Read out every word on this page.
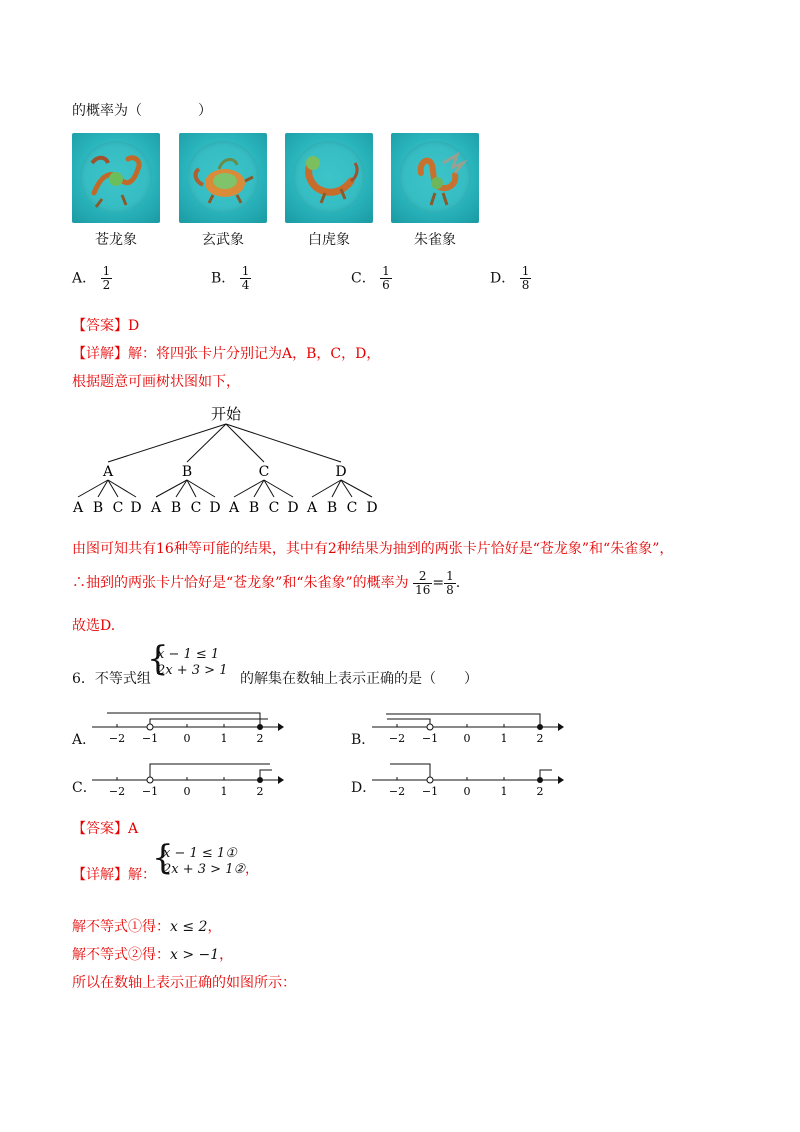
的概率为（　　　　）
苍龙象	玄武象	白虎象	朱雀象
A． $\frac{1}{2}$	B． $\frac{1}{4}$	C． $\frac{1}{6}$	D． $\frac{1}{8}$
【答案】D
【详解】解：将四张卡片分别记为A，B，C，D，
根据题意可画树状图如下，
开始
A	B	C	D
A B C D A B C D A B C D A B C D
由图可知共有16种等可能的结果，其中有2种结果为抽到的两张卡片恰好是“苍龙象”和“朱雀象”，
∴抽到的两张卡片恰好是“苍龙象”和“朱雀象”的概率为 $\frac{2}{16} = \frac{1}{8}$ .
故选D.
6．不等式组
{
x − 1 ≤ 1
2x + 3 > 1
的解集在数轴上表示正确的是（　　）
A．	B．
C．	D．
−2 −1 0	1	2	−2 −1 0	1	2
−2 −1 0	1	2	−2 −1 0	1	2
【答案】A
【详解】解：
{
x − 1 ≤ 1①
2x + 3 > 1②，
解不等式①得：x ≤ 2，
解不等式②得：x > −1，
所以在数轴上表示正确的如图所示：
